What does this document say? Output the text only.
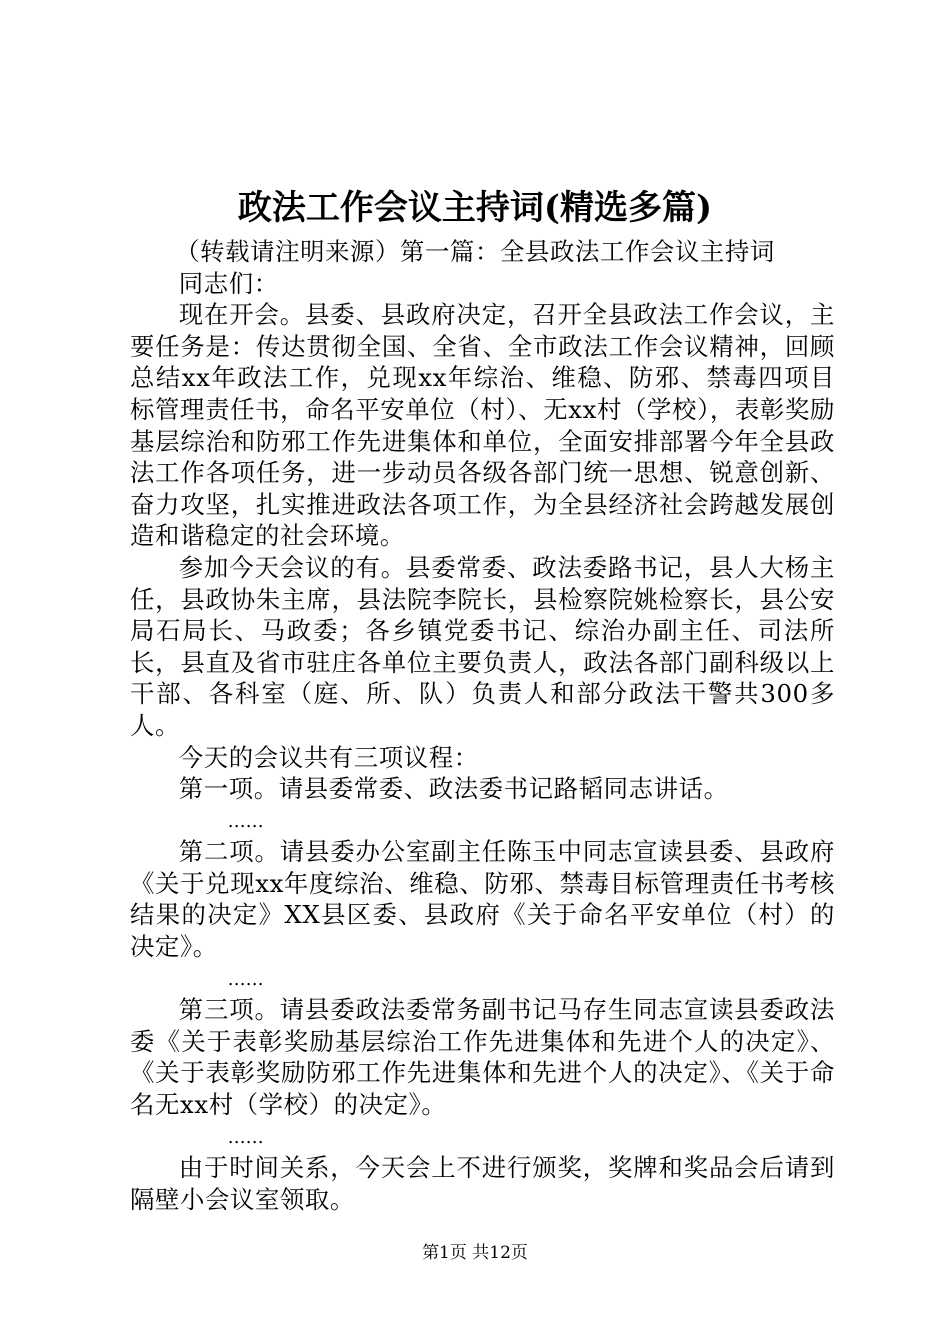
政法工作会议主持词(精选多篇)

（转载请注明来源）第一篇：全县政法工作会议主持词

同志们：

现在开会。县委、县政府决定，召开全县政法工作会议，主要任务是：传达贯彻全国、全省、全市政法工作会议精神，回顾总结xx年政法工作，兑现xx年综治、维稳、防邪、禁毒四项目标管理责任书，命名平安单位（村）、无xx村（学校），表彰奖励基层综治和防邪工作先进集体和单位，全面安排部署今年全县政法工作各项任务，进一步动员各级各部门统一思想、锐意创新、奋力攻坚，扎实推进政法各项工作，为全县经济社会跨越发展创造和谐稳定的社会环境。

参加今天会议的有。县委常委、政法委路书记，县人大杨主任，县政协朱主席，县法院李院长，县检察院姚检察长，县公安局石局长、马政委；各乡镇党委书记、综治办副主任、司法所长，县直及省市驻庄各单位主要负责人，政法各部门副科级以上干部、各科室（庭、所、队）负责人和部分政法干警共300多人。

今天的会议共有三项议程：

第一项。请县委常委、政法委书记路韬同志讲话。

……

第二项。请县委办公室副主任陈玉中同志宣读县委、县政府《关于兑现xx年度综治、维稳、防邪、禁毒目标管理责任书考核结果的决定》XX县区委、县政府《关于命名平安单位（村）的决定》。

……

第三项。请县委政法委常务副书记马存生同志宣读县委政法委《关于表彰奖励基层综治工作先进集体和先进个人的决定》、《关于表彰奖励防邪工作先进集体和先进个人的决定》、《关于命名无xx村（学校）的决定》。

……

由于时间关系，今天会上不进行颁奖，奖牌和奖品会后请到隔壁小会议室领取。

第1页 共12页
